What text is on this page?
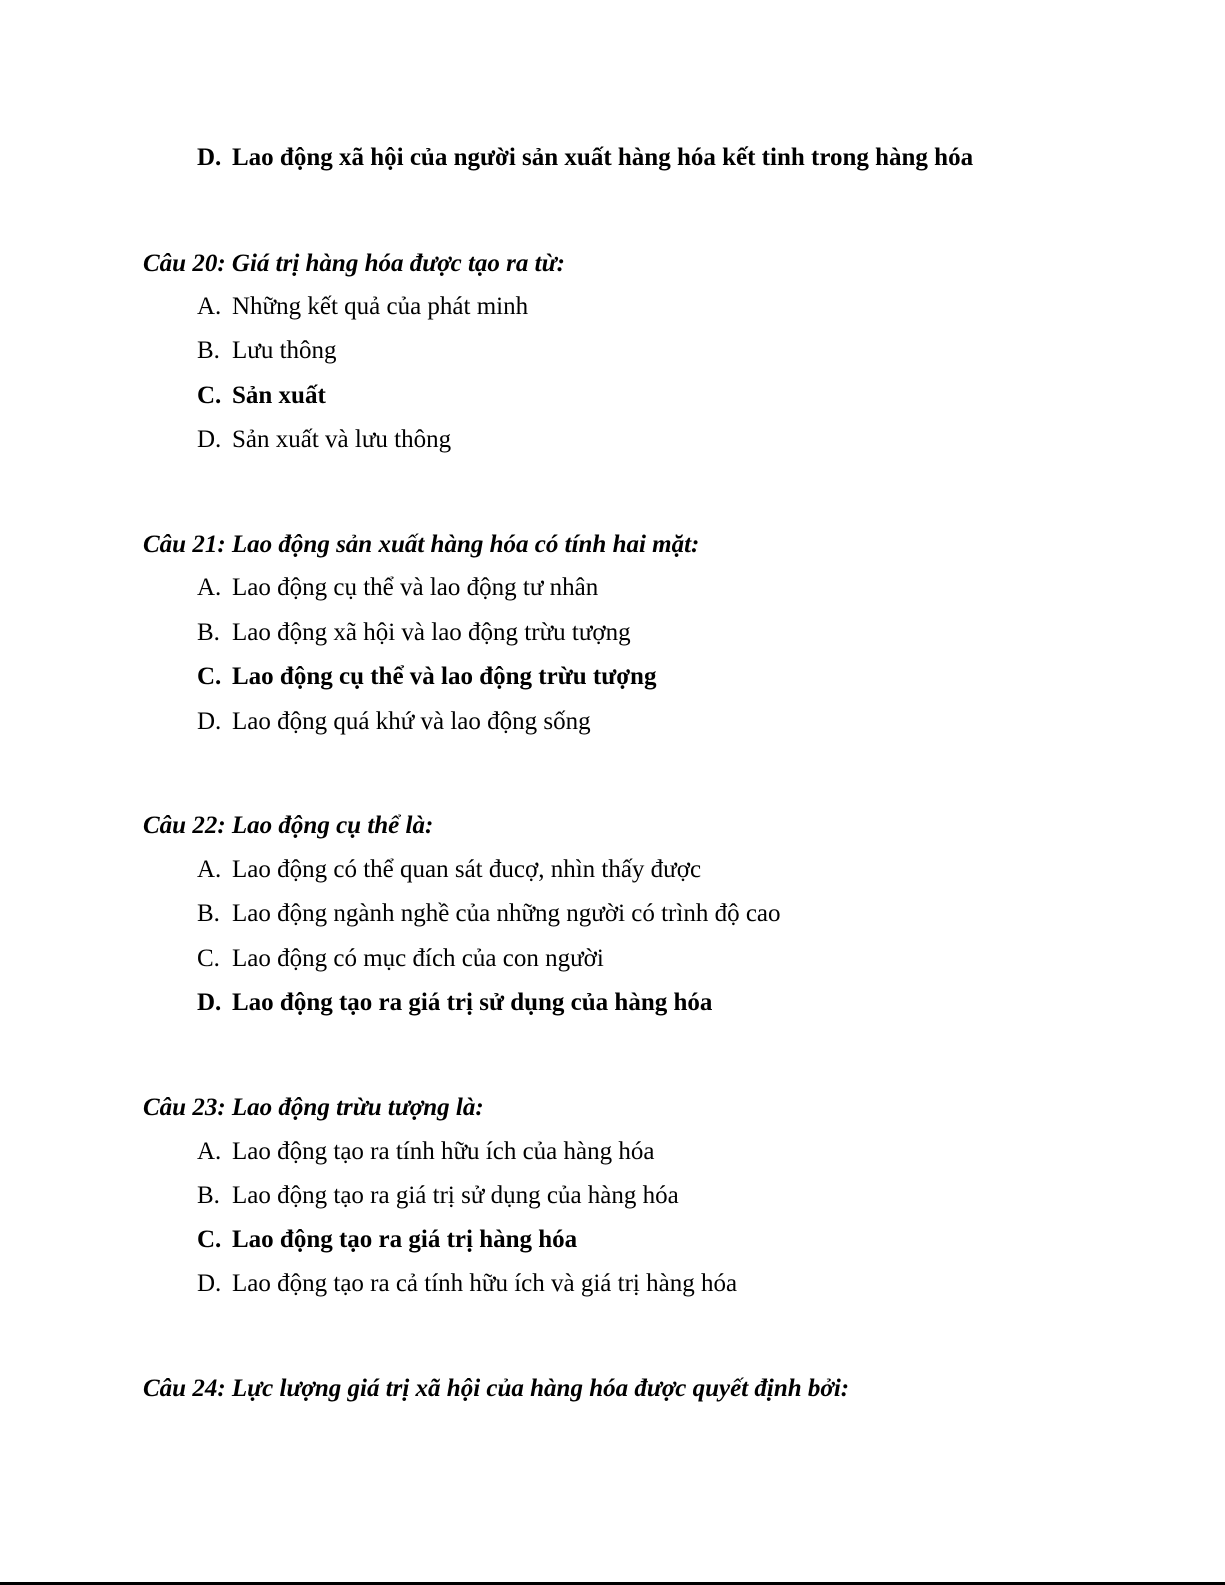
D. Lao động xã hội của người sản xuất hàng hóa kết tinh trong hàng hóa
Câu 20: Giá trị hàng hóa được tạo ra từ:
A. Những kết quả của phát minh
B. Lưu thông
C. Sản xuất
D. Sản xuất và lưu thông
Câu 21: Lao động sản xuất hàng hóa có tính hai mặt:
A. Lao động cụ thể và lao động tư nhân
B. Lao động xã hội và lao động trừu tượng
C. Lao động cụ thể và lao động trừu tượng
D. Lao động quá khứ và lao động sống
Câu 22: Lao động cụ thể là:
A. Lao động có thể quan sát đucợ, nhìn thấy được
B. Lao động ngành nghề của những người có trình độ cao
C. Lao động có mục đích của con người
D. Lao động tạo ra giá trị sử dụng của hàng hóa
Câu 23: Lao động trừu tượng là:
A. Lao động tạo ra tính hữu ích của hàng hóa
B. Lao động tạo ra giá trị sử dụng của hàng hóa
C. Lao động tạo ra giá trị hàng hóa
D. Lao động tạo ra cả tính hữu ích và giá trị hàng hóa
Câu 24: Lực lượng giá trị xã hội của hàng hóa được quyết định bởi:
